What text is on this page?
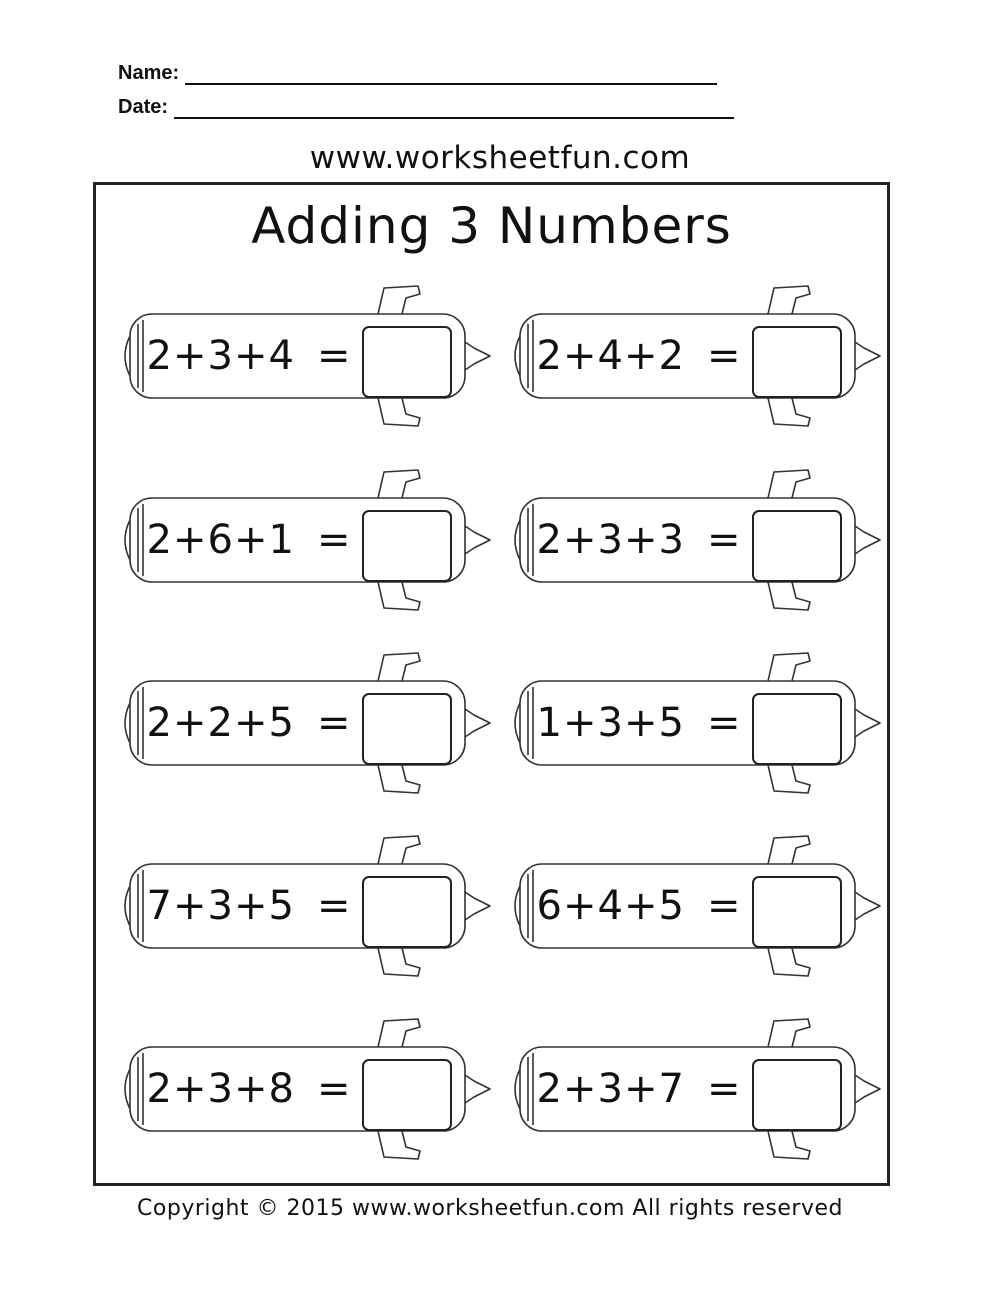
Name:
Date:
www.worksheetfun.com
Adding 3 Numbers
2+3+4 =	2+4+2 =
2+6+1 =	2+3+3 =
2+2+5 =	1+3+5 =
7+3+5 =	6+4+5 =
2+3+8 =	2+3+7 =
Copyright © 2015 www.worksheetfun.com All rights reserved
